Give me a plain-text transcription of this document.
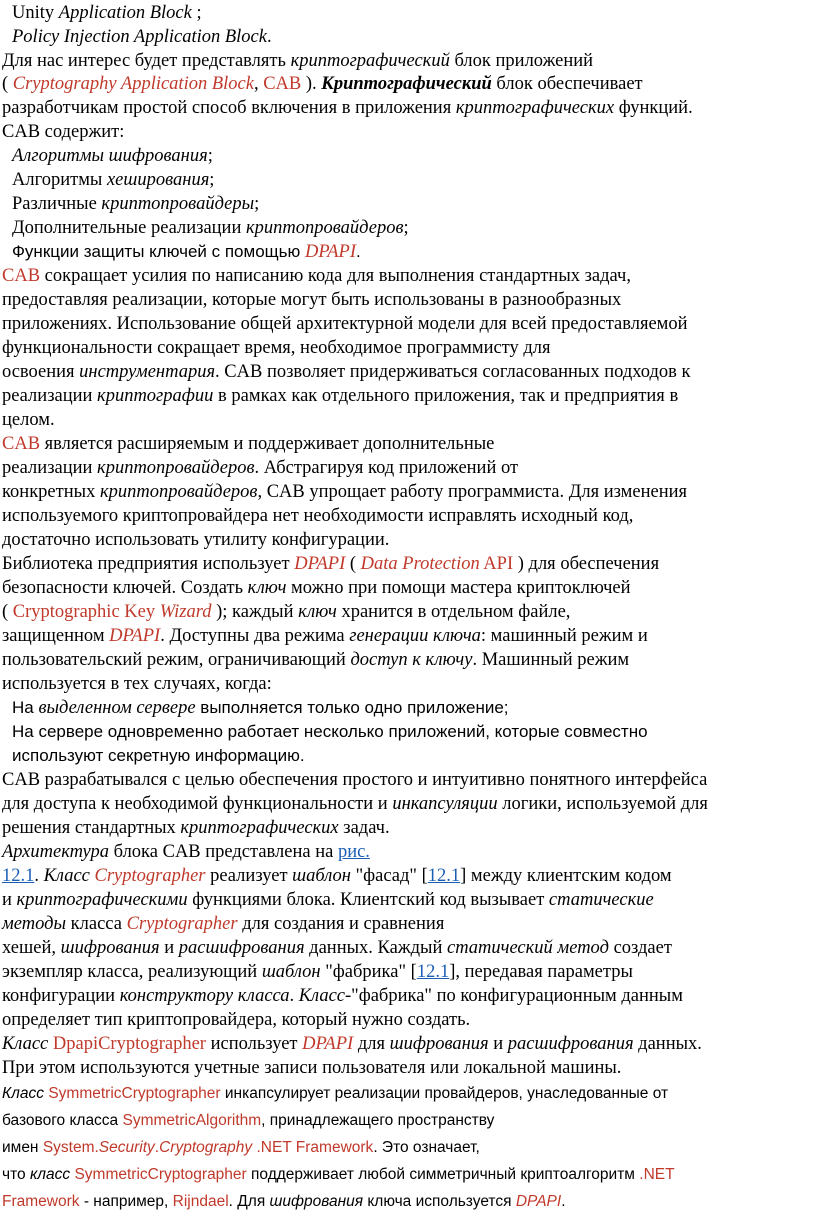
Unity Application Block ;
Policy Injection Application Block.
Для нас интерес будет представлять криптографический блок приложений
( Cryptography Application Block, CAB ). Криптографический блок обеспечивает
разработчикам простой способ включения в приложения криптографических функций.
CAB содержит:
Алгоритмы шифрования;
Алгоритмы хеширования;
Различные криптопровайдеры;
Дополнительные реализации криптопровайдеров;
Функции защиты ключей с помощью DPAPI.
CAB сокращает усилия по написанию кода для выполнения стандартных задач,
предоставляя реализации, которые могут быть использованы в разнообразных
приложениях. Использование общей архитектурной модели для всей предоставляемой
функциональности сокращает время, необходимое программисту для
освоения инструментария. CAB позволяет придерживаться согласованных подходов к
реализации криптографии в рамках как отдельного приложения, так и предприятия в
целом.
CAB является расширяемым и поддерживает дополнительные
реализации криптопровайдеров. Абстрагируя код приложений от
конкретных криптопровайдеров, CAB упрощает работу программиста. Для изменения
используемого криптопровайдера нет необходимости исправлять исходный код,
достаточно использовать утилиту конфигурации.
Библиотека предприятия использует DPAPI ( Data Protection API ) для обеспечения
безопасности ключей. Создать ключ можно при помощи мастера криптоключей
( Cryptographic Key Wizard ); каждый ключ хранится в отдельном файле,
защищенном DPAPI. Доступны два режима генерации ключа: машинный режим и
пользовательский режим, ограничивающий доступ к ключу. Машинный режим
используется в тех случаях, когда:
На выделенном сервере выполняется только одно приложение;
На сервере одновременно работает несколько приложений, которые совместно
используют секретную информацию.
CAB разрабатывался с целью обеспечения простого и интуитивно понятного интерфейса
для доступа к необходимой функциональности и инкапсуляции логики, используемой для
решения стандартных криптографических задач.
Архитектура блока CAB представлена на рис.
12.1. Класс Cryptographer реализует шаблон "фасад" [12.1] между клиентским кодом
и криптографическими функциями блока. Клиентский код вызывает статические
методы класса Cryptographer для создания и сравнения
хешей, шифрования и расшифрования данных. Каждый статический метод создает
экземпляр класса, реализующий шаблон "фабрика" [12.1], передавая параметры
конфигурации конструктору класса. Класс-"фабрика" по конфигурационным данным
определяет тип криптопровайдера, который нужно создать.
Класс DpapiCryptographer использует DPAPI для шифрования и расшифрования данных.
При этом используются учетные записи пользователя или локальной машины.
Класс SymmetricCryptographer инкапсулирует реализации провайдеров, унаследованные от
базового класса SymmetricAlgorithm, принадлежащего пространству
имен System.Security.Cryptography .NET Framework. Это означает,
что класс SymmetricCryptographer поддерживает любой симметричный криптоалгоритм .NET
Framework - например, Rijndael. Для шифрования ключа используется DPAPI.
